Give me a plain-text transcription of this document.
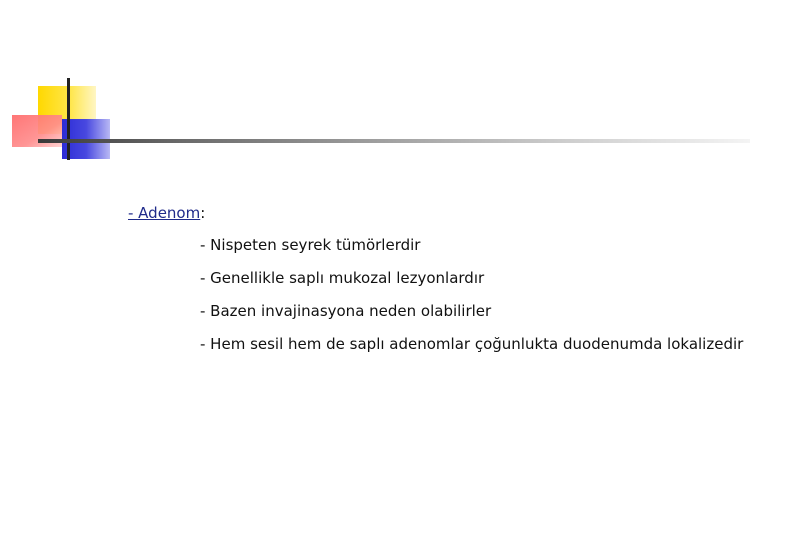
- Adenom:

- Nispeten seyrek tümörlerdir
- Genellikle saplı mukozal lezyonlardır
- Bazen invajinasyona neden olabilirler
- Hem sesil hem de saplı adenomlar çoğunlukta duodenumda lokalizedir
